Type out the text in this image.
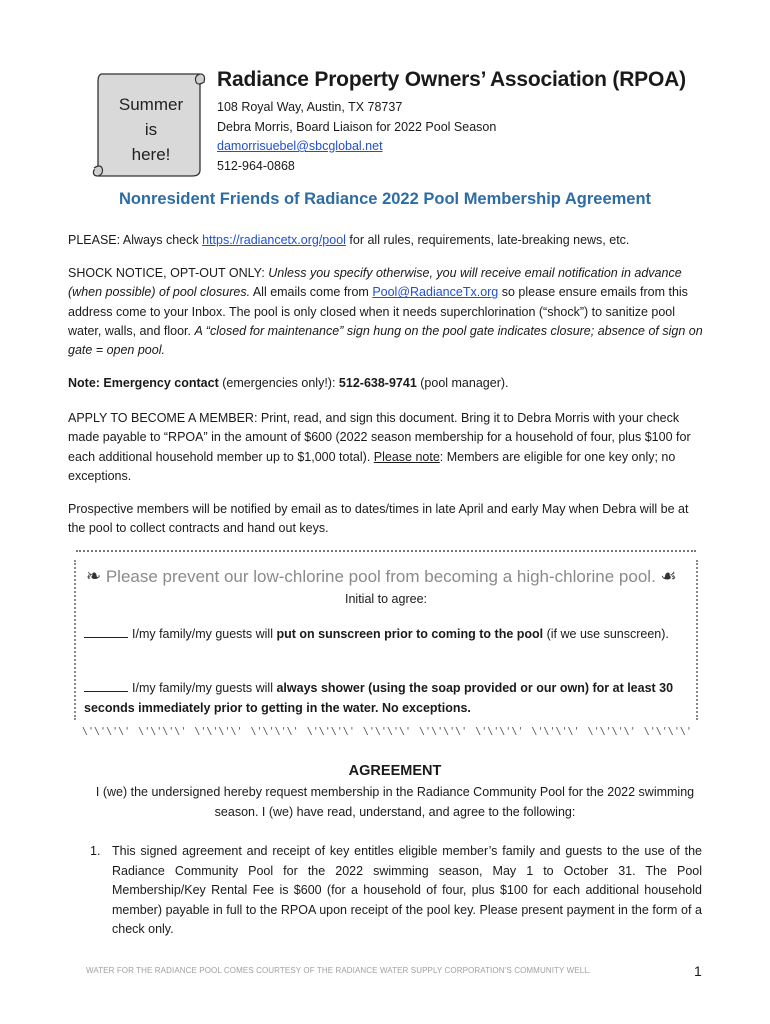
Summer
is
here!
Radiance Property Owners’ Association (RPOA)
108 Royal Way, Austin, TX 78737
Debra Morris, Board Liaison for 2022 Pool Season
damorrisuebel@sbcglobal.net
512-964-0868
Nonresident Friends of Radiance 2022 Pool Membership Agreement
PLEASE: Always check https://radiancetx.org/pool for all rules, requirements, late-breaking news, etc.
SHOCK NOTICE, OPT-OUT ONLY: Unless you specify otherwise, you will receive email notification in advance (when possible) of pool closures. All emails come from Pool@RadianceTx.org so please ensure emails from this address come to your Inbox. The pool is only closed when it needs superchlorination (“shock”) to sanitize pool water, walls, and floor. A “closed for maintenance” sign hung on the pool gate indicates closure; absence of sign on gate = open pool.
Note: Emergency contact (emergencies only!): 512-638-9741 (pool manager).
APPLY TO BECOME A MEMBER: Print, read, and sign this document. Bring it to Debra Morris with your check made payable to “RPOA” in the amount of $600 (2022 season membership for a household of four, plus $100 for each additional household member up to $1,000 total). Please note: Members are eligible for one key only; no exceptions.
Prospective members will be notified by email as to dates/times in late April and early May when Debra will be at the pool to collect contracts and hand out keys.
\'\'\'\' \'\'\'\' \'\'\'\' \'\'\'\' \'\'\'\' \'\'\'\' \'\'\'\' \'\'\'\' \'\'\'\' \'\'\'\' \'\'\'\'
❧ Please prevent our low-chlorine pool from becoming a high-chlorine pool. ☙
Initial to agree:
I/my family/my guests will put on sunscreen prior to coming to the pool (if we use sunscreen).
I/my family/my guests will always shower (using the soap provided or our own) for at least 30 seconds immediately prior to getting in the water. No exceptions.
AGREEMENT
I (we) the undersigned hereby request membership in the Radiance Community Pool for the 2022 swimming season. I (we) have read, understand, and agree to the following:
1. This signed agreement and receipt of key entitles eligible member’s family and guests to the use of the Radiance Community Pool for the 2022 swimming season, May 1 to October 31. The Pool Membership/Key Rental Fee is $600 (for a household of four, plus $100 for each additional household member) payable in full to the RPOA upon receipt of the pool key. Please present payment in the form of a check only.
WATER FOR THE RADIANCE POOL COMES COURTESY OF THE RADIANCE WATER SUPPLY CORPORATION’S COMMUNITY WELL.	1
